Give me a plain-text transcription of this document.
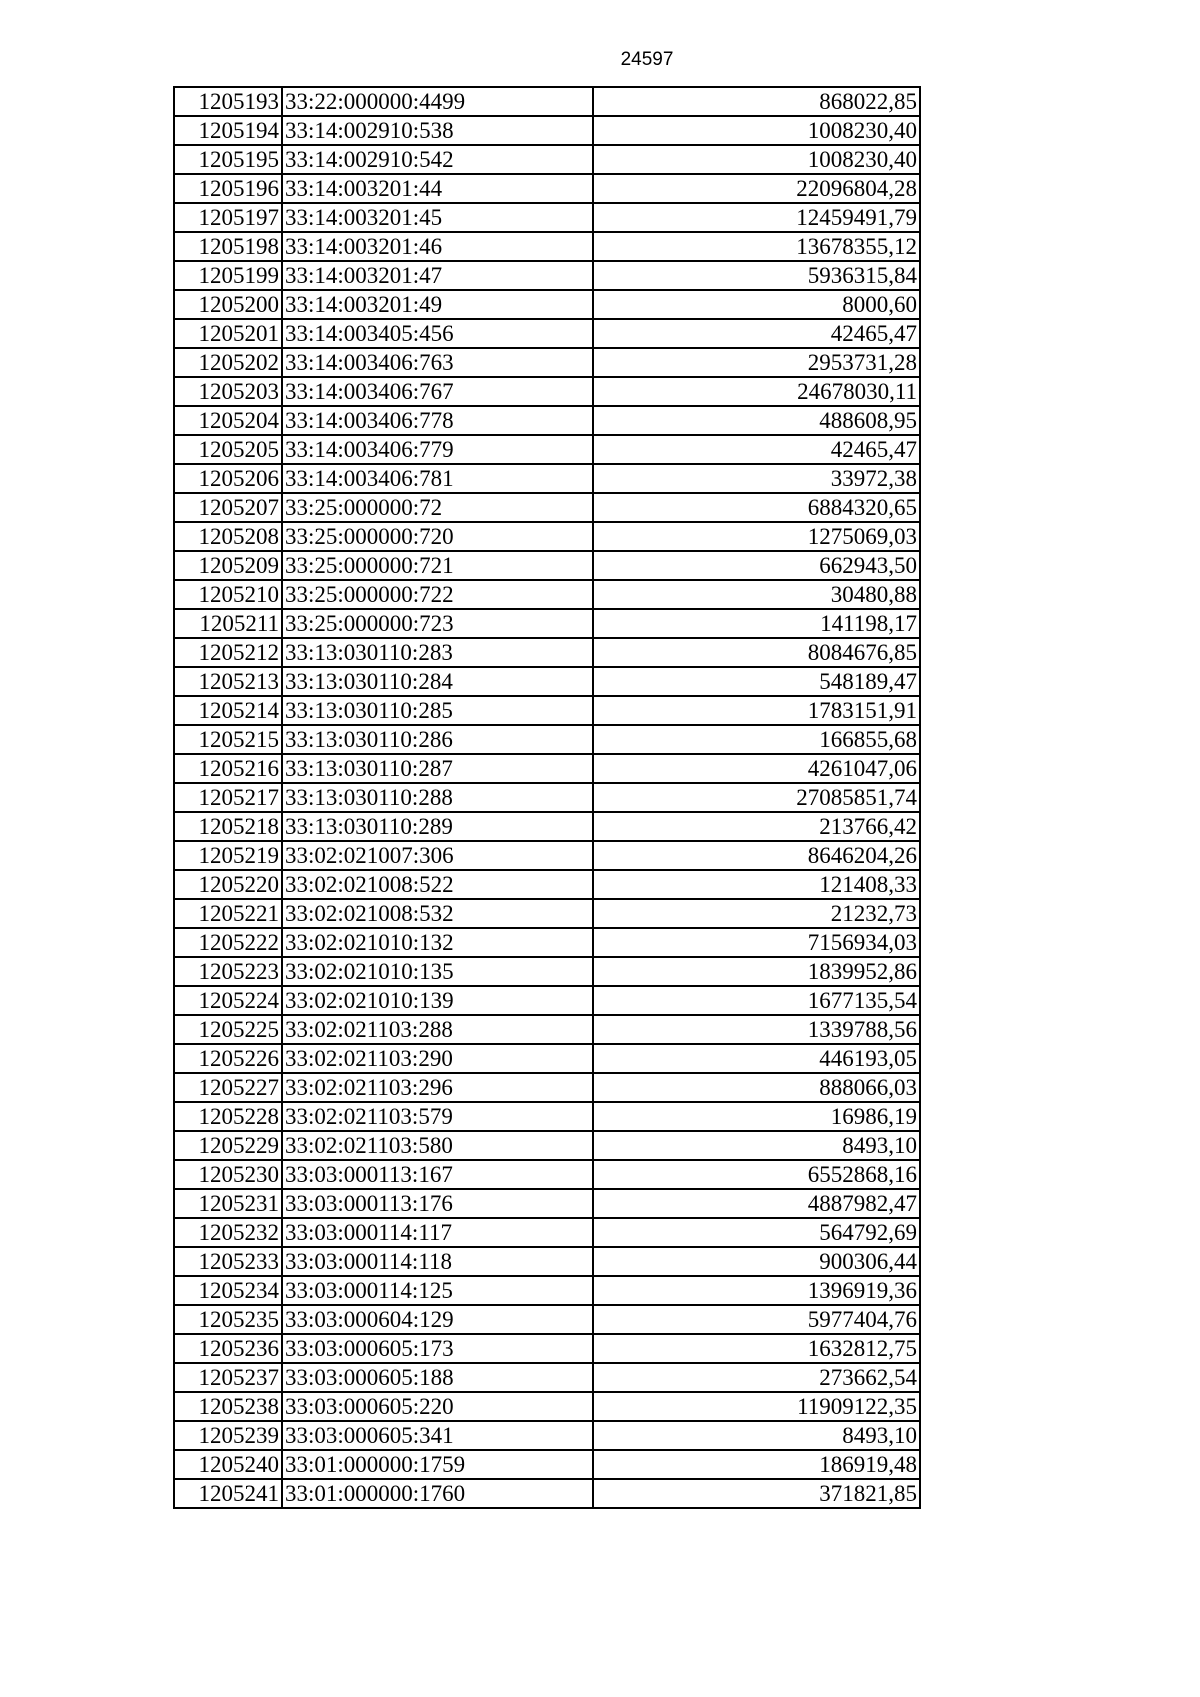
24597
1205193	33:22:000000:4499	868022,85
1205194	33:14:002910:538	1008230,40
1205195	33:14:002910:542	1008230,40
1205196	33:14:003201:44	22096804,28
1205197	33:14:003201:45	12459491,79
1205198	33:14:003201:46	13678355,12
1205199	33:14:003201:47	5936315,84
1205200	33:14:003201:49	8000,60
1205201	33:14:003405:456	42465,47
1205202	33:14:003406:763	2953731,28
1205203	33:14:003406:767	24678030,11
1205204	33:14:003406:778	488608,95
1205205	33:14:003406:779	42465,47
1205206	33:14:003406:781	33972,38
1205207	33:25:000000:72	6884320,65
1205208	33:25:000000:720	1275069,03
1205209	33:25:000000:721	662943,50
1205210	33:25:000000:722	30480,88
1205211	33:25:000000:723	141198,17
1205212	33:13:030110:283	8084676,85
1205213	33:13:030110:284	548189,47
1205214	33:13:030110:285	1783151,91
1205215	33:13:030110:286	166855,68
1205216	33:13:030110:287	4261047,06
1205217	33:13:030110:288	27085851,74
1205218	33:13:030110:289	213766,42
1205219	33:02:021007:306	8646204,26
1205220	33:02:021008:522	121408,33
1205221	33:02:021008:532	21232,73
1205222	33:02:021010:132	7156934,03
1205223	33:02:021010:135	1839952,86
1205224	33:02:021010:139	1677135,54
1205225	33:02:021103:288	1339788,56
1205226	33:02:021103:290	446193,05
1205227	33:02:021103:296	888066,03
1205228	33:02:021103:579	16986,19
1205229	33:02:021103:580	8493,10
1205230	33:03:000113:167	6552868,16
1205231	33:03:000113:176	4887982,47
1205232	33:03:000114:117	564792,69
1205233	33:03:000114:118	900306,44
1205234	33:03:000114:125	1396919,36
1205235	33:03:000604:129	5977404,76
1205236	33:03:000605:173	1632812,75
1205237	33:03:000605:188	273662,54
1205238	33:03:000605:220	11909122,35
1205239	33:03:000605:341	8493,10
1205240	33:01:000000:1759	186919,48
1205241	33:01:000000:1760	371821,85
